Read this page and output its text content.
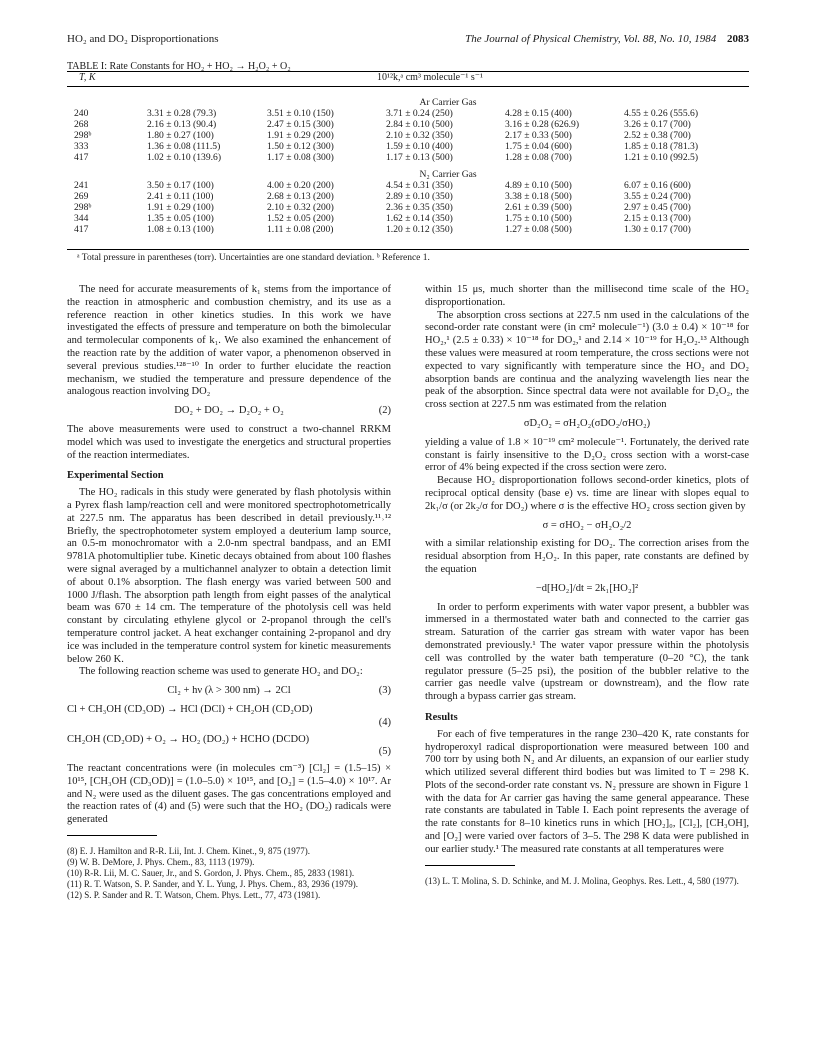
HO₂ and DO₂ Disproportionations	The Journal of Physical Chemistry, Vol. 88, No. 10, 1984 2083
TABLE I: Rate Constants for HO₂ + HO₂ → H₂O₂ + O₂
T, K	10¹²k,ᵃ cm³ molecule⁻¹ s⁻¹
	Ar Carrier Gas				
240	3.31 ± 0.28 (79.3)	3.51 ± 0.10 (150)	3.71 ± 0.24 (250)	4.28 ± 0.15 (400)	4.55 ± 0.26 (555.6)
268	2.16 ± 0.13 (90.4)	2.47 ± 0.15 (300)	2.84 ± 0.10 (500)	3.16 ± 0.28 (626.9)	3.26 ± 0.17 (700)
298ᵇ	1.80 ± 0.27 (100)	1.91 ± 0.29 (200)	2.10 ± 0.32 (350)	2.17 ± 0.33 (500)	2.52 ± 0.38 (700)
333	1.36 ± 0.08 (111.5)	1.50 ± 0.12 (300)	1.59 ± 0.10 (400)	1.75 ± 0.04 (600)	1.85 ± 0.18 (781.3)
417	1.02 ± 0.10 (139.6)	1.17 ± 0.08 (300)	1.17 ± 0.13 (500)	1.28 ± 0.08 (700)	1.21 ± 0.10 (992.5)

	N₂ Carrier Gas				
241	3.50 ± 0.17 (100)	4.00 ± 0.20 (200)	4.54 ± 0.31 (350)	4.89 ± 0.10 (500)	6.07 ± 0.16 (600)
269	2.41 ± 0.11 (100)	2.68 ± 0.13 (200)	2.89 ± 0.10 (350)	3.38 ± 0.18 (500)	3.55 ± 0.24 (700)
298ᵇ	1.91 ± 0.29 (100)	2.10 ± 0.32 (200)	2.36 ± 0.35 (350)	2.61 ± 0.39 (500)	2.97 ± 0.45 (700)
344	1.35 ± 0.05 (100)	1.52 ± 0.05 (200)	1.62 ± 0.14 (350)	1.75 ± 0.10 (500)	2.15 ± 0.13 (700)
417	1.08 ± 0.13 (100)	1.11 ± 0.08 (200)	1.20 ± 0.12 (350)	1.27 ± 0.08 (500)	1.30 ± 0.17 (700)
ᵃ Total pressure in parentheses (torr). Uncertainties are one standard deviation. ᵇ Reference 1.

The need for accurate measurements of k₁ stems from the importance of the reaction in atmospheric and combustion chemistry, and its use as a reference reaction in other kinetics studies. In this work we have investigated the effects of pressure and temperature on both the bimolecular and termolecular components of k₁. We also examined the enhancement of the reaction rate by the addition of water vapor, a phenomenon observed in several previous studies.¹²⁸⁻¹⁰ In order to further elucidate the reaction mechanism, we studied the temperature and pressure dependence of the analogous reaction involving DO₂

DO₂ + DO₂ → D₂O₂ + O₂	(2)

The above measurements were used to construct a two-channel RRKM model which was used to investigate the energetics and structural properties of the reaction intermediates.

Experimental Section

The HO₂ radicals in this study were generated by flash photolysis within a Pyrex flash lamp/reaction cell and were monitored spectrophotometrically at 227.5 nm. The apparatus has been described in detail previously.¹¹˒¹² Briefly, the spectrophotometer system employed a deuterium lamp source, an 0.5-m monochromator with a 2.0-nm spectral bandpass, and an EMI 9781A photomultiplier tube. Kinetic decays obtained from about 100 flashes were signal averaged by a multichannel analyzer to obtain a detection limit of about 0.1% absorption. The flash energy was varied between 500 and 1000 J/flash. The absorption path length from eight passes of the analytical beam was 670 ± 14 cm. The temperature of the photolysis cell was held constant by circulating ethylene glycol or 2-propanol through the cell's temperature control jacket. A heat exchanger containing 2-propanol and dry ice was included in the temperature control system for kinetic measurements below 260 K.

The following reaction scheme was used to generate HO₂ and DO₂:

Cl₂ + hν (λ > 300 nm) → 2Cl	(3)
Cl + CH₃OH (CD₃OD) → HCl (DCl) + CH₂OH (CD₂OD)
(4)
CH₂OH (CD₂OD) + O₂ → HO₂ (DO₂) + HCHO (DCDO)
(5)

The reactant concentrations were (in molecules cm⁻³) [Cl₂] = (1.5–15) × 10¹⁵, [CH₃OH (CD₃OD)] = (1.0–5.0) × 10¹⁵, and [O₂] = (1.5–4.0) × 10¹⁷. Ar and N₂ were used as the diluent gases. The gas concentrations employed and the reaction rates of (4) and (5) were such that the HO₂ (DO₂) radicals were generated

(8) E. J. Hamilton and R-R. Lii, Int. J. Chem. Kinet., 9, 875 (1977).
(9) W. B. DeMore, J. Phys. Chem., 83, 1113 (1979).
(10) R-R. Lii, M. C. Sauer, Jr., and S. Gordon, J. Phys. Chem., 85, 2833 (1981).
(11) R. T. Watson, S. P. Sander, and Y. L. Yung, J. Phys. Chem., 83, 2936 (1979).
(12) S. P. Sander and R. T. Watson, Chem. Phys. Lett., 77, 473 (1981).

within 15 μs, much shorter than the millisecond time scale of the HO₂ disproportionation.

The absorption cross sections at 227.5 nm used in the calculations of the second-order rate constant were (in cm² molecule⁻¹) (3.0 ± 0.4) × 10⁻¹⁸ for HO₂,¹ (2.5 ± 0.33) × 10⁻¹⁸ for DO₂,¹ and 2.14 × 10⁻¹⁹ for H₂O₂.¹³ Although these values were measured at room temperature, the cross sections were not expected to vary significantly with temperature since the HO₂ and DO₂ absorption bands are continua and the analyzing wavelength lies near the peak of the absorption. Since spectral data were not available for D₂O₂, the cross section at 227.5 nm was estimated from the relation

σD₂O₂ = σH₂O₂(σDO₂/σHO₂)

yielding a value of 1.8 × 10⁻¹⁹ cm² molecule⁻¹. Fortunately, the derived rate constant is fairly insensitive to the D₂O₂ cross section with a worst-case error of 4% being expected if the cross section were zero.

Because HO₂ disproportionation follows second-order kinetics, plots of reciprocal optical density (base e) vs. time are linear with slopes equal to 2k₁/σ (or 2k₂/σ for DO₂) where σ is the effective HO₂ cross section given by

σ = σHO₂ − σH₂O₂/2

with a similar relationship existing for DO₂. The correction arises from the residual absorption from H₂O₂. In this paper, rate constants are defined by the equation

−d[HO₂]/dt = 2k₁[HO₂]²

In order to perform experiments with water vapor present, a bubbler was immersed in a thermostated water bath and connected to the carrier gas stream. Saturation of the carrier gas stream with water vapor has been demonstrated previously.¹ The water vapor pressure within the photolysis cell was controlled by the water bath temperature (0–20 °C), the tank regulator pressure (5–25 psi), the position of the bubbler relative to the carrier gas needle valve (upstream or downstream), and the flow rate through a bypass carrier gas stream.

Results

For each of five temperatures in the range 230–420 K, rate constants for hydroperoxyl radical disproportionation were measured between 100 and 700 torr by using both N₂ and Ar diluents, an expansion of our earlier study which utilized several different third bodies but was limited to T = 298 K. Plots of the second-order rate constant vs. N₂ pressure are shown in Figure 1 with the data for Ar carrier gas having the same general appearance. These rate constants are tabulated in Table I. Each point represents the average of the rate constants for 8–10 kinetics runs in which [HO₂]₀, [Cl₂], [CH₃OH], and [O₂] were varied over factors of 3–5. The 298 K data were published in our earlier study.¹ The measured rate constants at all temperatures were

(13) L. T. Molina, S. D. Schinke, and M. J. Molina, Geophys. Res. Lett., 4, 580 (1977).
